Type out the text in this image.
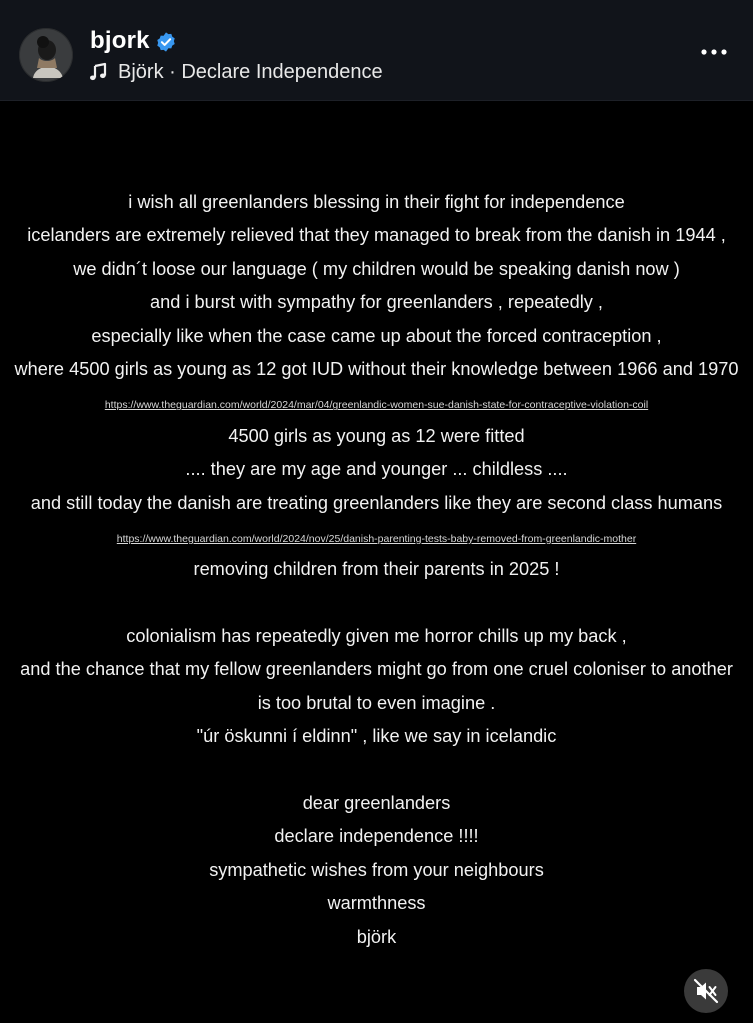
bjork
Björk · Declare Independence
i wish all greenlanders blessing in their fight for independence
icelanders are extremely relieved that they managed to break from the danish in 1944 ,
we didn´t loose our language ( my children would be speaking danish now )
and i burst with sympathy for greenlanders , repeatedly ,
especially like when the case came up about the forced contraception ,
where 4500 girls as young as 12 got IUD without their knowledge between 1966 and 1970
https://www.theguardian.com/world/2024/mar/04/greenlandic-women-sue-danish-state-for-contraceptive-violation-coil
4500 girls as young as 12 were fitted
.... they are my age and younger ... childless ....
and still today the danish are treating greenlanders like they are second class humans
https://www.theguardian.com/world/2024/nov/25/danish-parenting-tests-baby-removed-from-greenlandic-mother
removing children from their parents in 2025 !
colonialism has repeatedly given me horror chills up my back ,
and the chance that my fellow greenlanders might go from one cruel coloniser to another
is too brutal to even imagine .
"úr öskunni í eldinn" , like we say in icelandic
dear greenlanders
declare independence !!!!
sympathetic wishes from your neighbours
warmthness
björk
